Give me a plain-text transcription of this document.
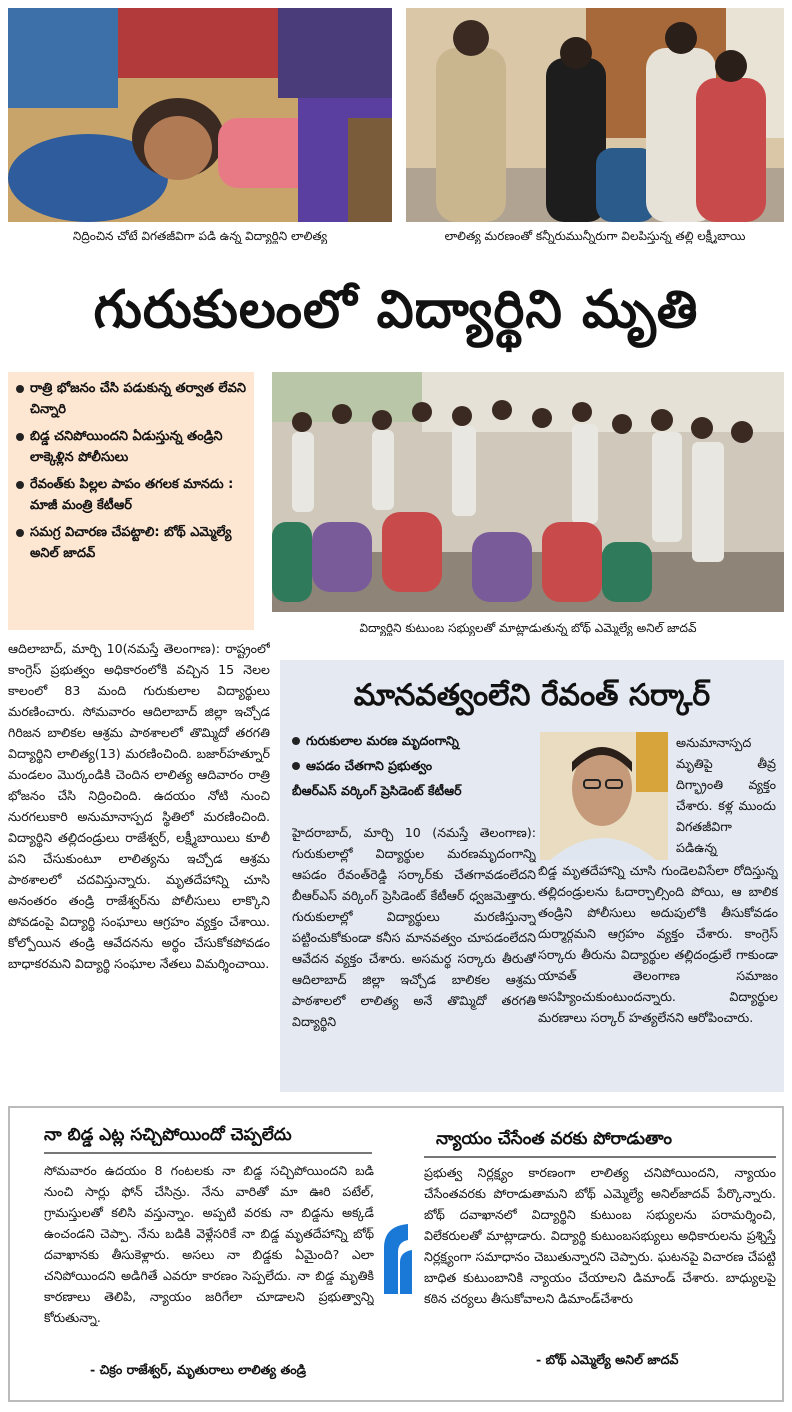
నిద్రించిన చోటే విగతజీవిగా పడి ఉన్న విద్యార్థిని లాలిత్య	లాలిత్య మరణంతో కన్నీరుమున్నీరుగా విలపిస్తున్న తల్లి లక్ష్మీబాయి
గురుకులంలో విద్యార్థిని మృతి
రాత్రి భోజనం చేసి పడుకున్న తర్వాత లేవని చిన్నారి
బిడ్డ చనిపోయిందని ఏడుస్తున్న తండ్రిని లాక్కెళ్లిన పోలీసులు
రేవంత్‌కు పిల్లల పాపం తగలక మానదు : మాజీ మంత్రి కేటీఆర్
సమగ్ర విచారణ చేపట్టాలి: బోథ్ ఎమ్మెల్యే అనిల్ జాదవ్
విద్యార్థిని కుటుంబ సభ్యులతో మాట్లాడుతున్న బోథ్ ఎమ్మెల్యే అనిల్ జాదవ్
ఆదిలాబాద్, మార్చి 10(నమస్తే తెలంగాణ): రాష్ట్రంలో కాంగ్రెస్ ప్రభుత్వం అధికారంలోకి వచ్చిన 15 నెలల కాలంలో 83 మంది గురుకులాల విద్యార్థులు మరణించారు. సోమవారం ఆదిలాబాద్ జిల్లా ఇచ్చోడ గిరిజన బాలికల ఆశ్రమ పాఠశాలలో తొమ్మిదో తరగతి విద్యార్థిని లాలిత్య(13) మరణించింది. బజార్‌హత్నూర్ మండలం మొర్కండికి చెందిన లాలిత్య ఆదివారం రాత్రి భోజనం చేసి నిద్రించింది. ఉదయం నోటి నుంచి నురగలుకారి అనుమానాస్పద స్థితిలో మరణించింది. విద్యార్థిని తల్లిదండ్రులు రాజేశ్వర్, లక్ష్మీబాయిలు కూలీ పని చేసుకుంటూ లాలిత్యను ఇచ్చోడ ఆశ్రమ పాఠశాలలో చదవిస్తున్నారు. మృతదేహాన్ని చూసి అనంతరం తండ్రి రాజేశ్వర్‌ను పోలీసులు లాక్కొని పోవడంపై విద్యార్థి సంఘాలు ఆగ్రహం వ్యక్తం చేశాయి. కోల్పోయిన తండ్రి ఆవేదనను అర్థం చేసుకోకపోవడం బాధాకరమని విద్యార్థి సంఘాల నేతలు విమర్శించాయి.
మానవత్వంలేని రేవంత్ సర్కార్
గురుకులాల మరణ మృదంగాన్ని
ఆపడం చేతగాని ప్రభుత్వం
బీఆర్‌ఎస్ వర్కింగ్ ప్రెసిడెంట్ కేటీఆర్
అనుమానాస్పద మృతిపై తీవ్ర దిగ్భ్రాంతి వ్యక్తం చేశారు. కళ్ల ముందు విగతజీవిగా పడిఉన్న
హైదరాబాద్, మార్చి 10 (నమస్తే తెలంగాణ): గురుకులాల్లో విద్యార్థుల మరణమృదంగాన్ని ఆపడం రేవంత్‌రెడ్డి సర్కార్‌కు చేతగావడంలేదని బీఆర్‌ఎస్ వర్కింగ్ ప్రెసిడెంట్ కేటీఆర్ ధ్వజమెత్తారు. గురుకులాల్లో విద్యార్థులు మరణిస్తున్నా పట్టించుకోకుండా కనీస మానవత్వం చూపడంలేదని ఆవేదన వ్యక్తం చేశారు. అసమర్థ సర్కారు తీరుతో ఆదిలాబాద్ జిల్లా ఇచ్చోడ బాలికల ఆశ్రమ పాఠశాలలో లాలిత్య అనే తొమ్మిదో తరగతి విద్యార్థిని
బిడ్డ మృతదేహాన్ని చూసి గుండెలవిసేలా రోదిస్తున్న తల్లిదండ్రులను ఓదార్చాల్సింది పోయి, ఆ బాలిక తండ్రిని పోలీసులు అదుపులోకి తీసుకోవడం దుర్మార్గమని ఆగ్రహం వ్యక్తం చేశారు. కాంగ్రెస్ సర్కారు తీరును విద్యార్థుల తల్లిదండ్రులే గాకుండా యావత్ తెలంగాణ సమాజం అసహ్యించుకుంటుందన్నారు. విద్యార్థుల మరణాలు సర్కార్ హత్యలేనని ఆరోపించారు.
నా బిడ్డ ఎట్ల సచ్చిపోయిందో చెప్పలేదు
సోమవారం ఉదయం 8 గంటలకు నా బిడ్డ సచ్చిపోయిందని బడి నుంచి సార్లు ఫోన్ చేసిన్రు. నేను వారితో మా ఊరి పటేల్, గ్రామస్తులతో కలిసి వస్తున్నాం. అప్పటి వరకు నా బిడ్డను అక్కడే ఉంచండని చెప్పా. నేను బడికి వెళ్లేసరికే నా బిడ్డ మృతదేహాన్ని బోథ్ దవాఖానకు తీసుకెళ్లారు. అసలు నా బిడ్డకు ఏమైంది? ఎలా చనిపోయిందని అడిగితే ఎవరూ కారణం సెప్పలేదు. నా బిడ్డ మృతికి కారణాలు తెలిపి, న్యాయం జరిగేలా చూడాలని ప్రభుత్వాన్ని కోరుతున్నా.
- చిక్రం రాజేశ్వర్, మృతురాలు లాలిత్య తండ్రి
న్యాయం చేసేంత వరకు పోరాడుతాం
ప్రభుత్వ నిర్లక్ష్యం కారణంగా లాలిత్య చనిపోయిందని, న్యాయం చేసేంతవరకు పోరాడుతామని బోథ్ ఎమ్మెల్యే అనిల్‌జాదవ్ పేర్కొన్నారు. బోథ్ దవాఖానలో విద్యార్థిని కుటుంబ సభ్యులను పరామర్శించి, విలేకరులతో మాట్లాడారు. విద్యార్థి కుటుంబసభ్యులు అధికారులను ప్రశ్నిస్తే నిర్లక్ష్యంగా సమాధానం చెబుతున్నారని చెప్పారు. ఘటనపై విచారణ చేపట్టి బాధిత కుటుంబానికి న్యాయం చేయాలని డిమాండ్ చేశారు. బాధ్యులపై కఠిన చర్యలు తీసుకోవాలని డిమాండ్‌చేశారు
- బోథ్ ఎమ్మెల్యే అనిల్ జాదవ్
